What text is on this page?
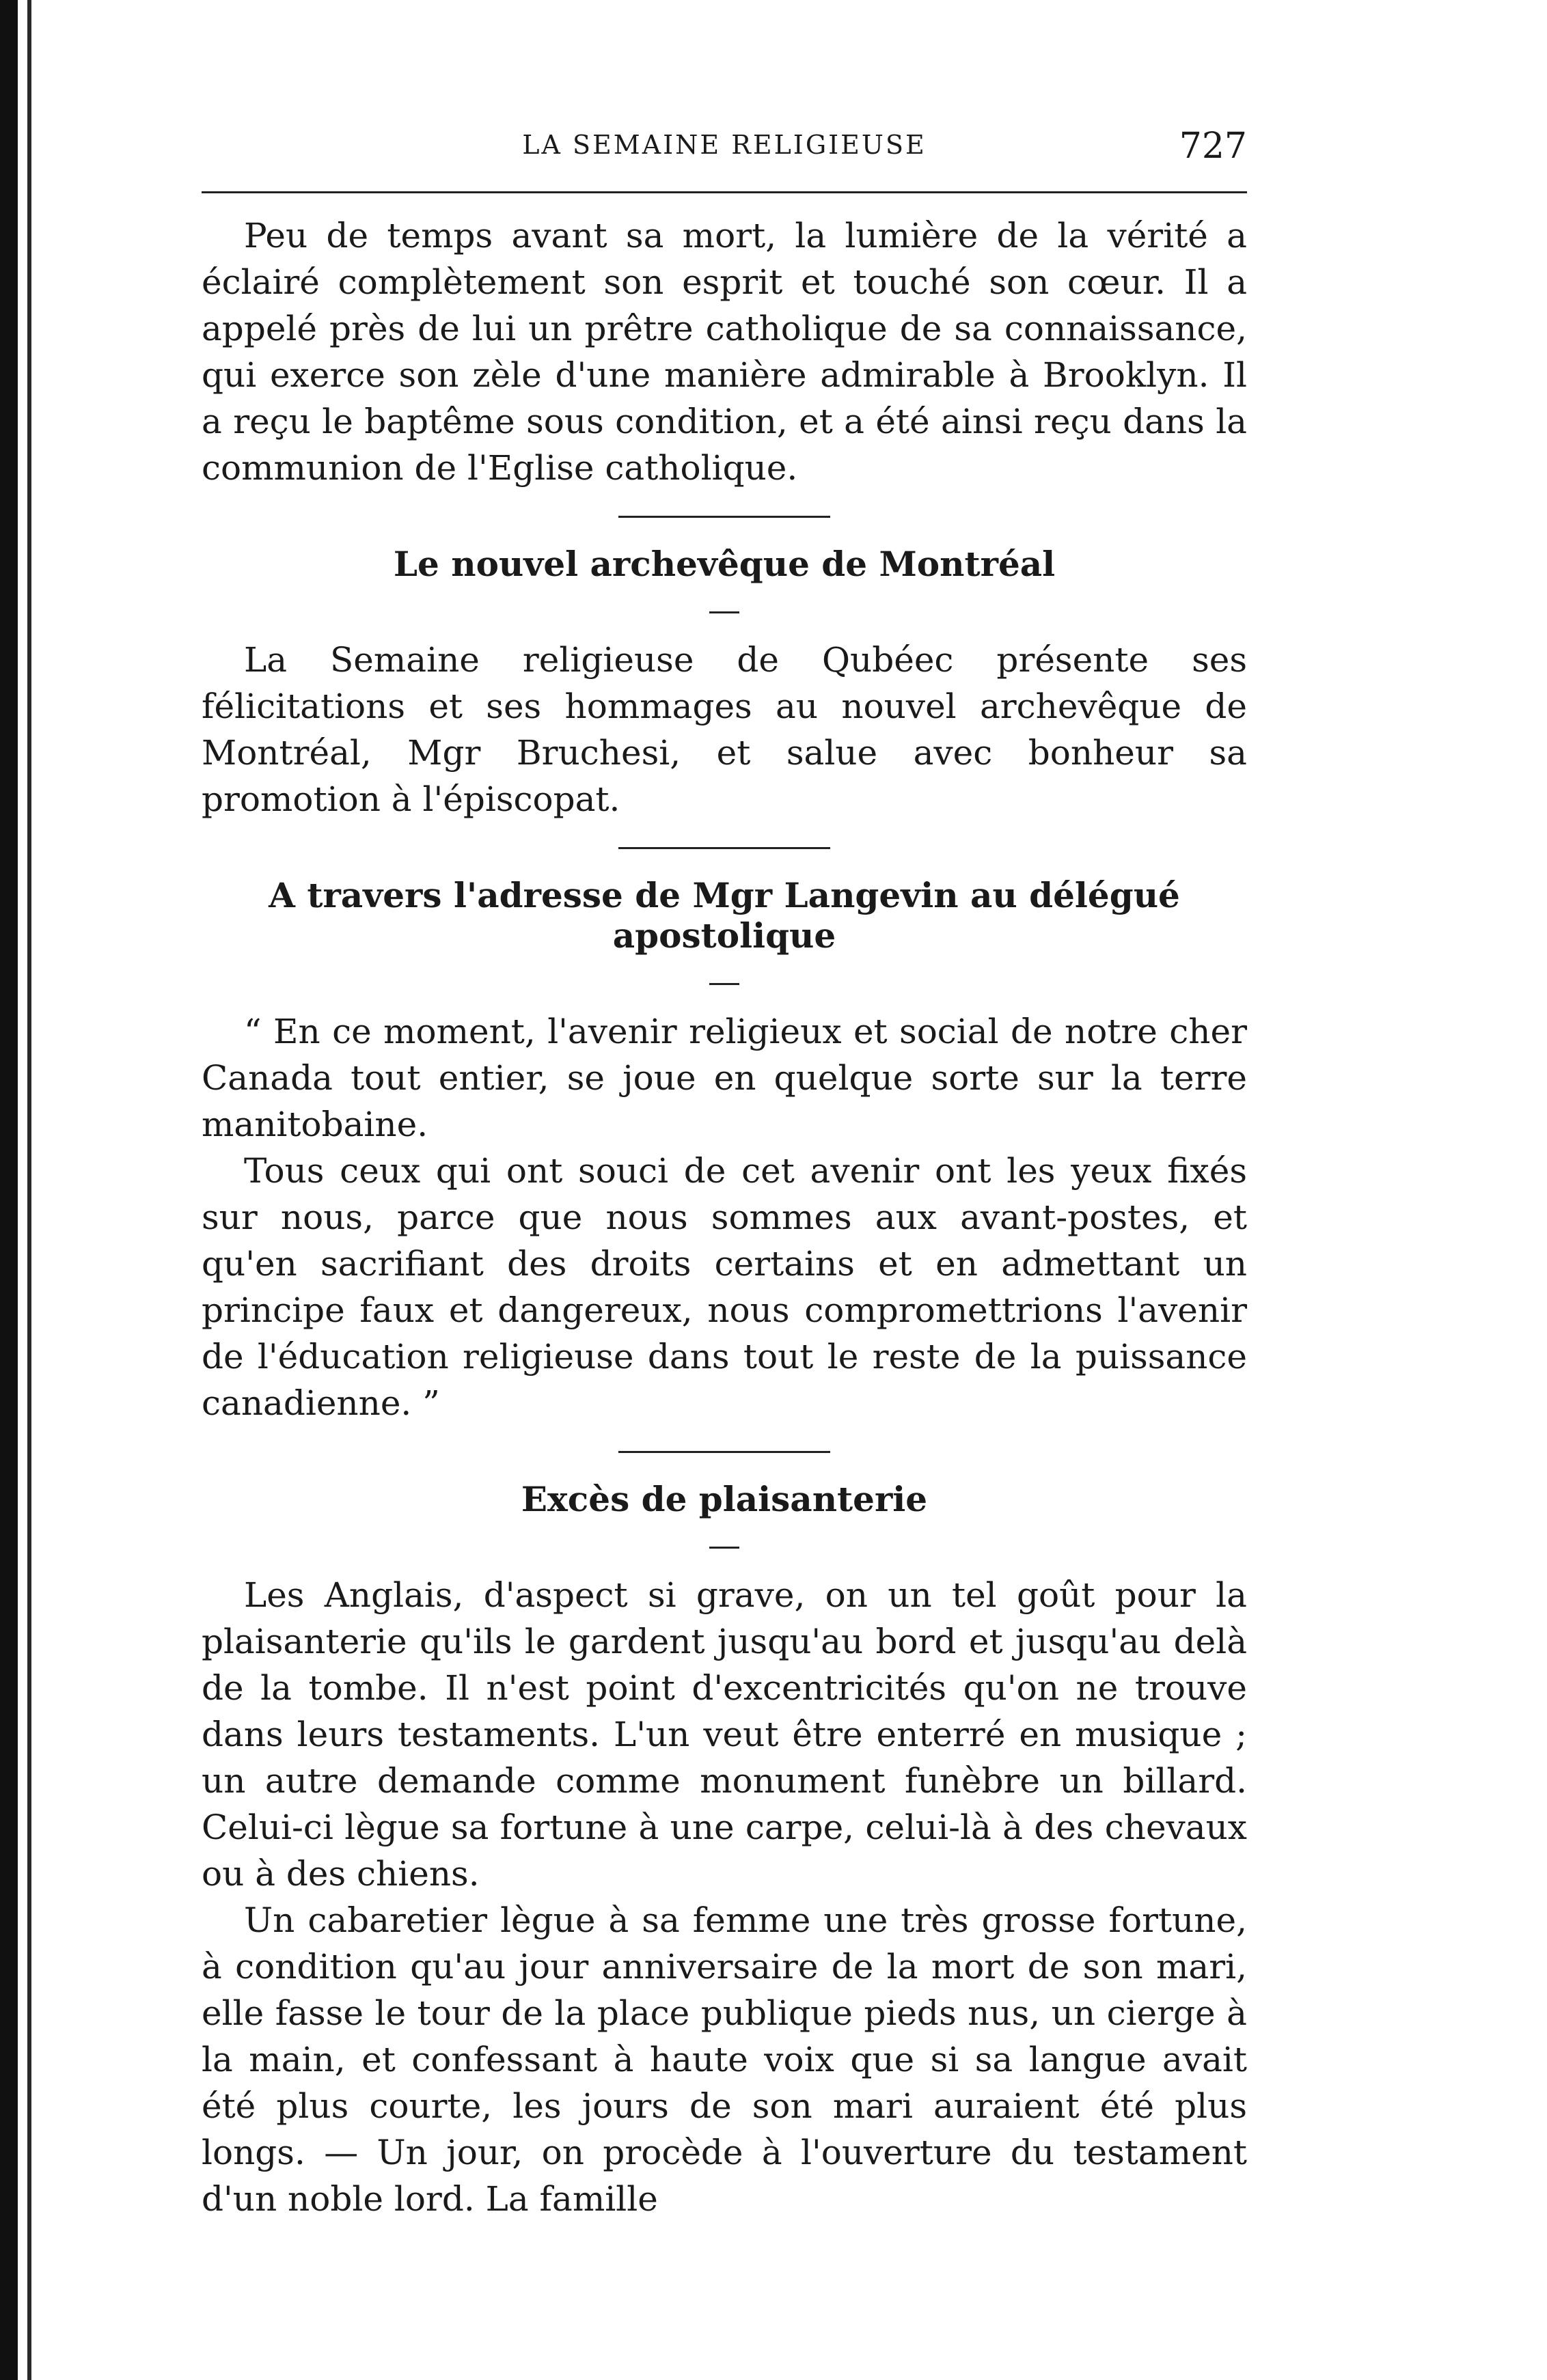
LA SEMAINE RELIGIEUSE	727

Peu de temps avant sa mort, la lumière de la vérité a éclairé complètement son esprit et touché son cœur. Il a appelé près de lui un prêtre catholique de sa connaissance, qui exerce son zèle d'une manière admirable à Brooklyn. Il a reçu le baptême sous condition, et a été ainsi reçu dans la communion de l'Eglise catholique.

Le nouvel archevêque de Montréal

La Semaine religieuse de Qubéec présente ses félicitations et ses hommages au nouvel archevêque de Montréal, Mgr Bruchesi, et salue avec bonheur sa promotion à l'épiscopat.

A travers l'adresse de Mgr Langevin au délégué apostolique

“ En ce moment, l'avenir religieux et social de notre cher Canada tout entier, se joue en quelque sorte sur la terre manitobaine.

Tous ceux qui ont souci de cet avenir ont les yeux fixés sur nous, parce que nous sommes aux avant-postes, et qu'en sacrifiant des droits certains et en admettant un principe faux et dangereux, nous compromettrions l'avenir de l'éducation religieuse dans tout le reste de la puissance canadienne. ”

Excès de plaisanterie

Les Anglais, d'aspect si grave, on un tel goût pour la plaisanterie qu'ils le gardent jusqu'au bord et jusqu'au delà de la tombe. Il n'est point d'excentricités qu'on ne trouve dans leurs testaments. L'un veut être enterré en musique ; un autre demande comme monument funèbre un billard. Celui-ci lègue sa fortune à une carpe, celui-là à des chevaux ou à des chiens.

Un cabaretier lègue à sa femme une très grosse fortune, à condition qu'au jour anniversaire de la mort de son mari, elle fasse le tour de la place publique pieds nus, un cierge à la main, et confessant à haute voix que si sa langue avait été plus courte, les jours de son mari auraient été plus longs. — Un jour, on procède à l'ouverture du testament d'un noble lord. La famille
